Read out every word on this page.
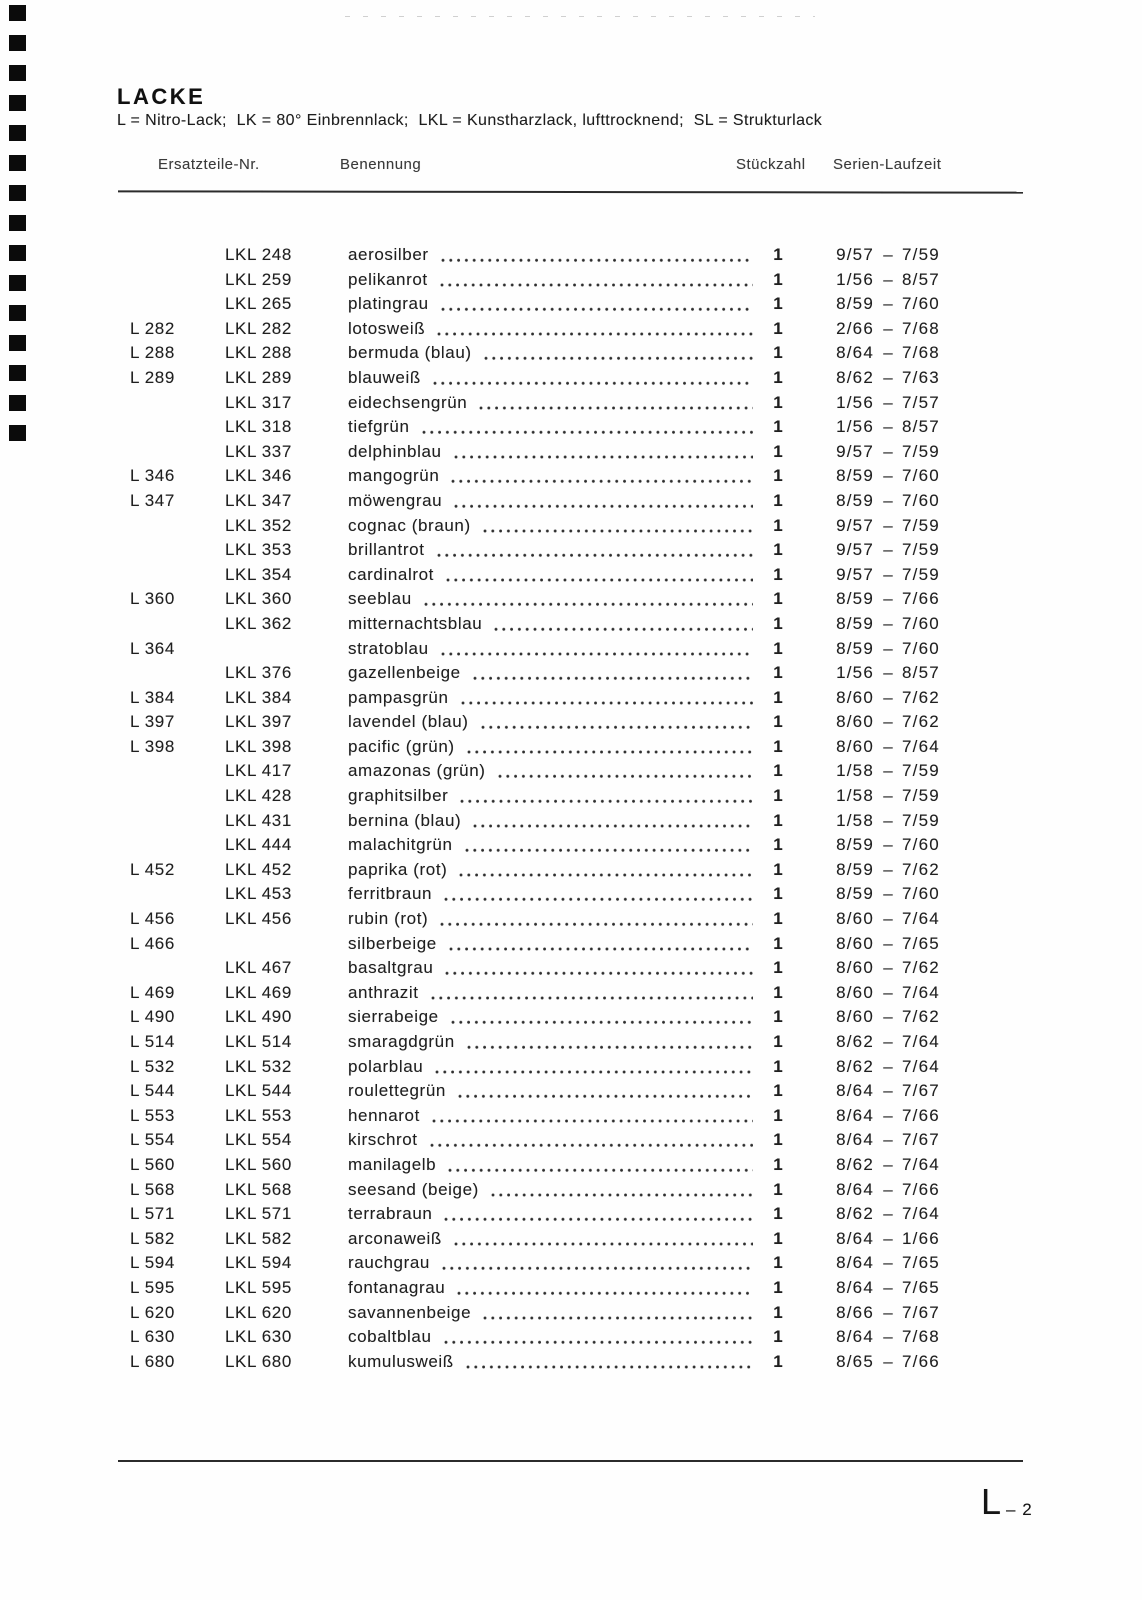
LACKE

L = Nitro-Lack;  LK = 80° Einbrennlack;  LKL = Kunstharzlack, lufttrocknend;  SL = Strukturlack

Ersatzteile-Nr.	Benennung	Stückzahl Serien-Laufzeit
LKL 248	aerosilber	1	9/57 – 7/59
LKL 259	pelikanrot	1	1/56 – 8/57
LKL 265	platingrau	1	8/59 – 7/60
L 282	LKL 282	lotosweiß	1	2/66 – 7/68
L 288	LKL 288	bermuda (blau)	1	8/64 – 7/68
L 289	LKL 289	blauweiß	1	8/62 – 7/63
LKL 317	eidechsengrün	1	1/56 – 7/57
LKL 318	tiefgrün	1	1/56 – 8/57
LKL 337	delphinblau	1	9/57 – 7/59
L 346	LKL 346	mangogrün	1	8/59 – 7/60
L 347	LKL 347	möwengrau	1	8/59 – 7/60
LKL 352	cognac (braun)	1	9/57 – 7/59
LKL 353	brillantrot	1	9/57 – 7/59
LKL 354	cardinalrot	1	9/57 – 7/59
L 360	LKL 360	seeblau	1	8/59 – 7/66
LKL 362	mitternachtsblau	1	8/59 – 7/60
L 364	stratoblau	1	8/59 – 7/60
LKL 376	gazellenbeige	1	1/56 – 8/57
L 384	LKL 384	pampasgrün	1	8/60 – 7/62
L 397	LKL 397	lavendel (blau)	1	8/60 – 7/62
L 398	LKL 398	pacific (grün)	1	8/60 – 7/64
LKL 417	amazonas (grün)	1	1/58 – 7/59
LKL 428	graphitsilber	1	1/58 – 7/59
LKL 431	bernina (blau)	1	1/58 – 7/59
LKL 444	malachitgrün	1	8/59 – 7/60
L 452	LKL 452	paprika (rot)	1	8/59 – 7/62
LKL 453	ferritbraun	1	8/59 – 7/60
L 456	LKL 456	rubin (rot)	1	8/60 – 7/64
L 466	silberbeige	1	8/60 – 7/65
LKL 467	basaltgrau	1	8/60 – 7/62
L 469	LKL 469	anthrazit	1	8/60 – 7/64
L 490	LKL 490	sierrabeige	1	8/60 – 7/62
L 514	LKL 514	smaragdgrün	1	8/62 – 7/64
L 532	LKL 532	polarblau	1	8/62 – 7/64
L 544	LKL 544	roulettegrün	1	8/64 – 7/67
L 553	LKL 553	hennarot	1	8/64 – 7/66
L 554	LKL 554	kirschrot	1	8/64 – 7/67
L 560	LKL 560	manilagelb	1	8/62 – 7/64
L 568	LKL 568	seesand (beige)	1	8/64 – 7/66
L 571	LKL 571	terrabraun	1	8/62 – 7/64
L 582	LKL 582	arconaweiß	1	8/64 – 1/66
L 594	LKL 594	rauchgrau	1	8/64 – 7/65
L 595	LKL 595	fontanagrau	1	8/64 – 7/65
L 620	LKL 620	savannenbeige	1	8/66 – 7/67
L 630	LKL 630	cobaltblau	1	8/64 – 7/68
L 680	LKL 680	kumulusweiß	1	8/65 – 7/66
L – 2
